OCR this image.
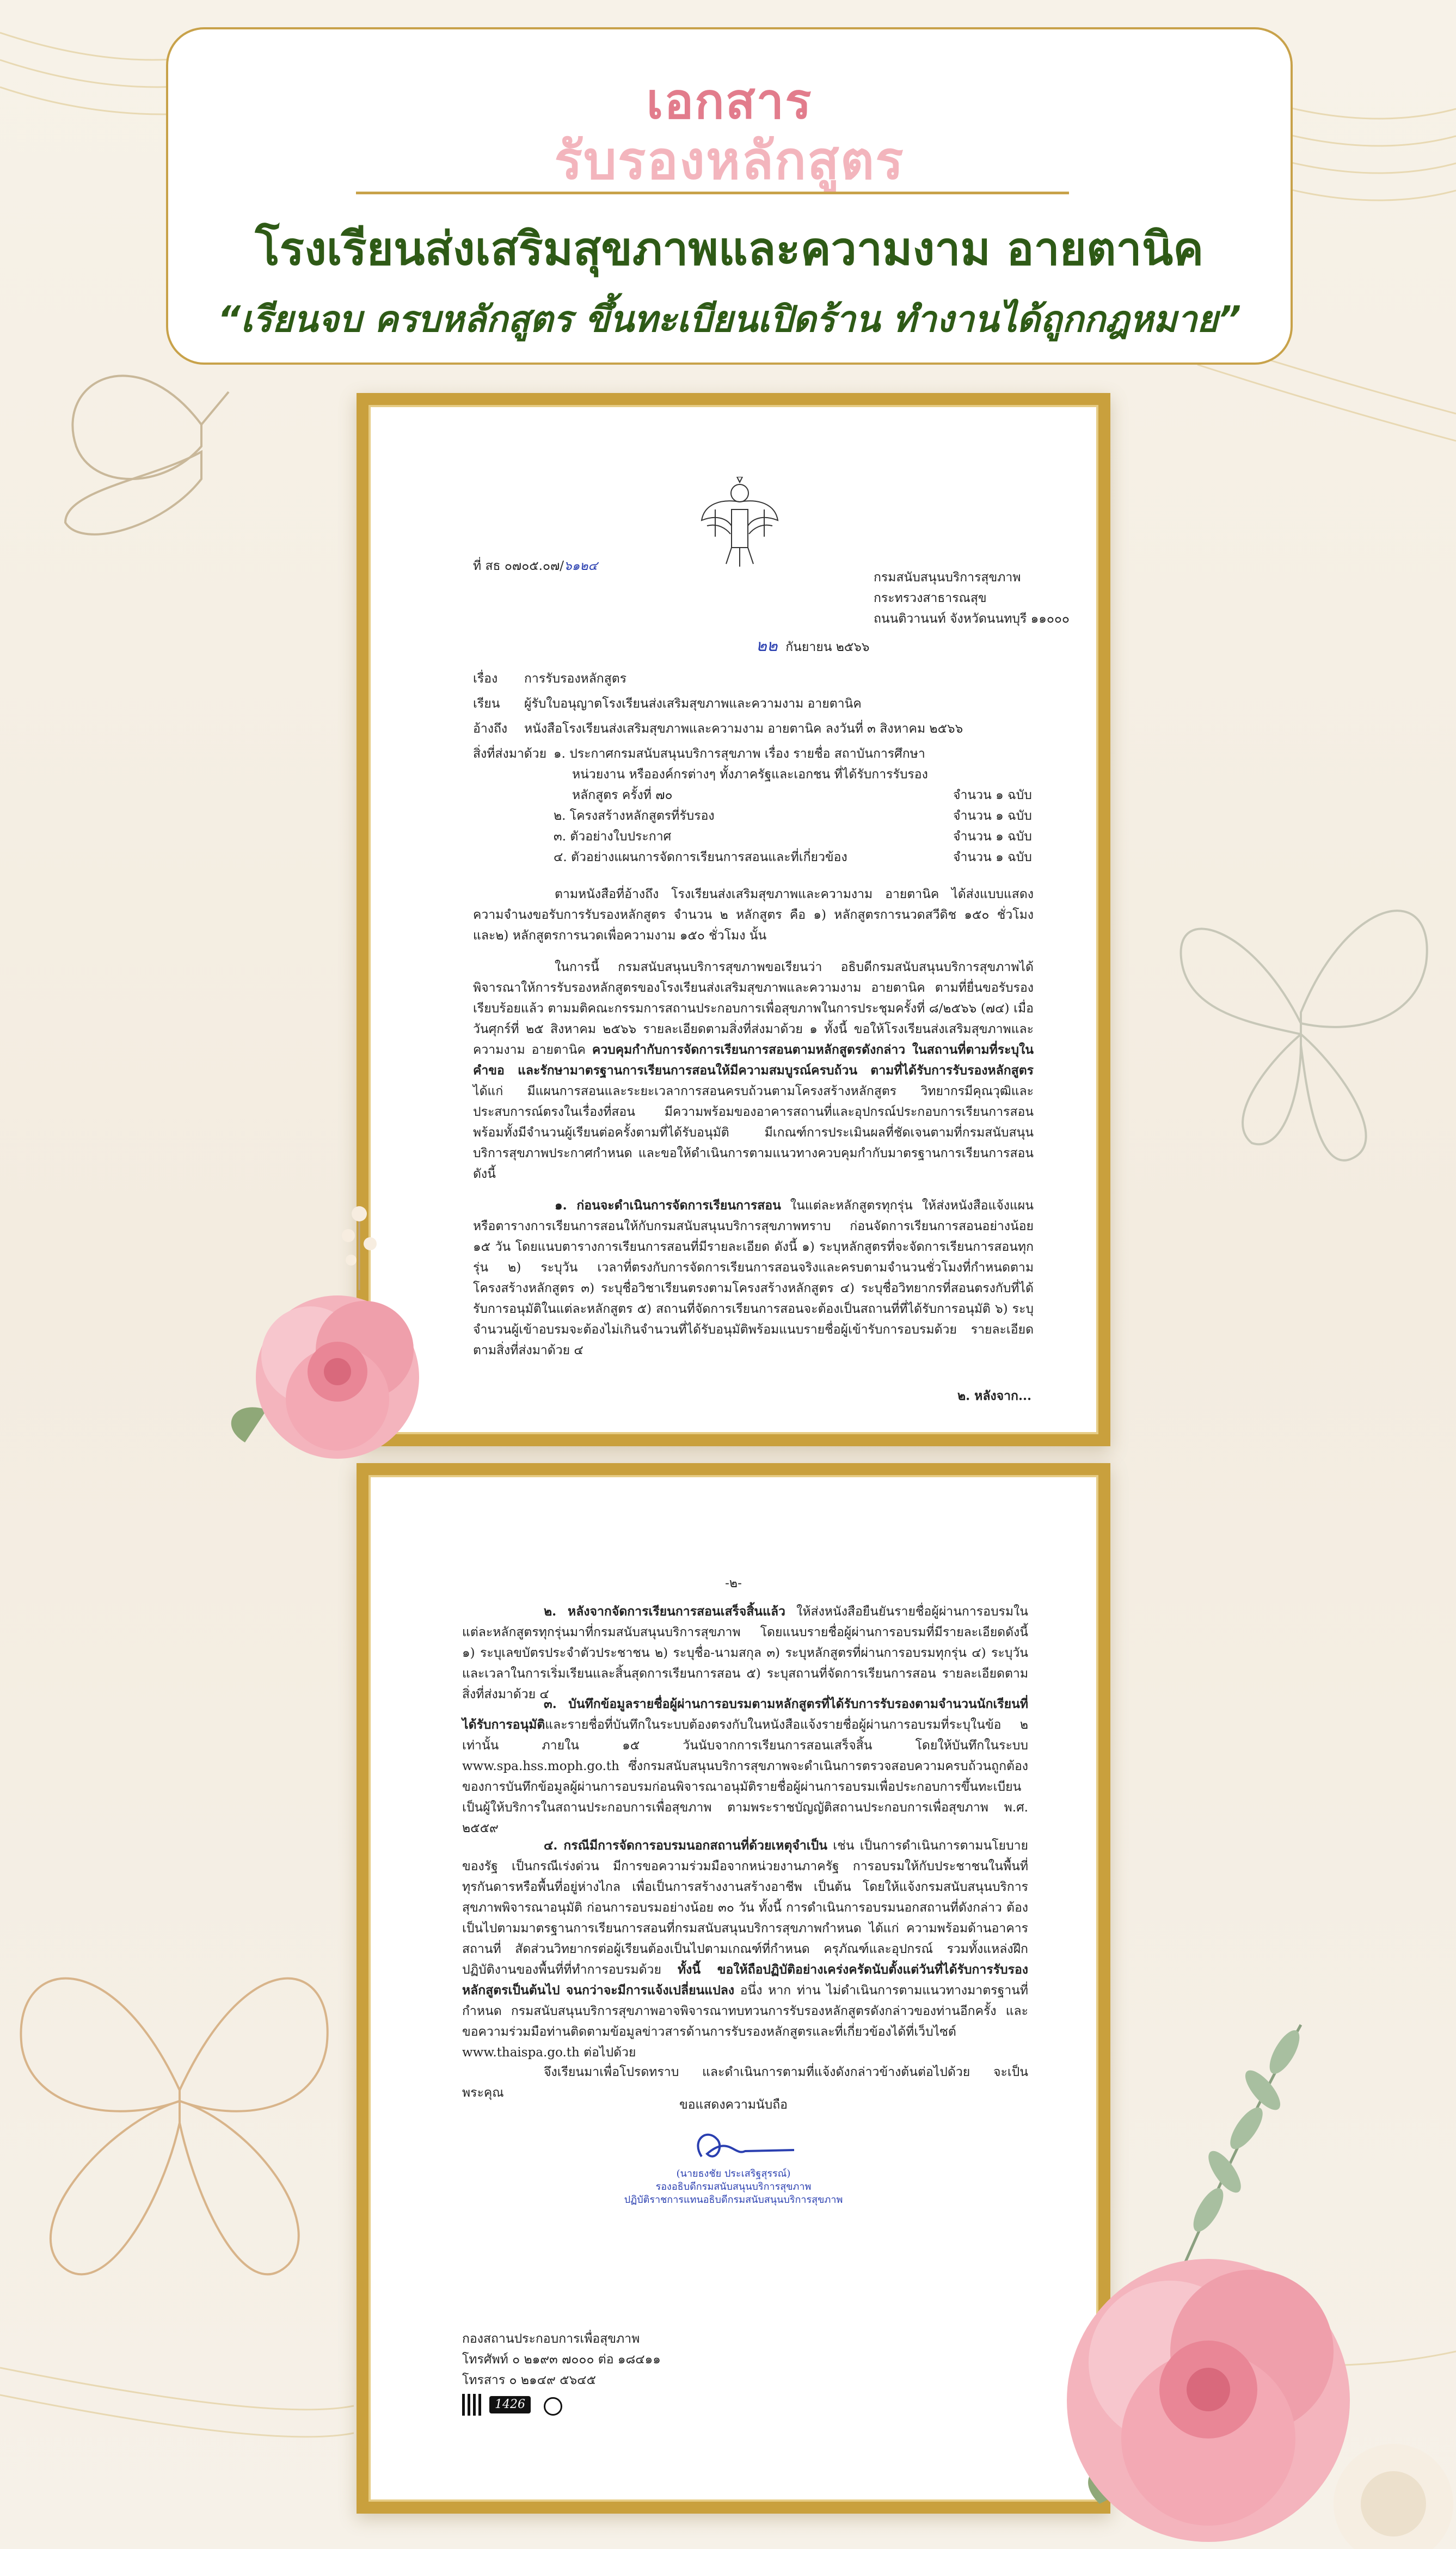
เอกสาร
รับรองหลักสูตร
โรงเรียนส่งเสริมสุขภาพและความงาม อายตานิค
“เรียนจบ ครบหลักสูตร ขึ้นทะเบียนเปิดร้าน ทำงานได้ถูกกฎหมาย”
ที่ สธ ๐๗๐๕.๐๗/๖๑๒๔
กรมสนับสนุนบริการสุขภาพ
กระทรวงสาธารณสุข
ถนนติวานนท์ จังหวัดนนทบุรี ๑๑๐๐๐
๒๒ กันยายน ๒๕๖๖
เรื่อง การรับรองหลักสูตร
เรียน ผู้รับใบอนุญาตโรงเรียนส่งเสริมสุขภาพและความงาม อายตานิค
อ้างถึง หนังสือโรงเรียนส่งเสริมสุขภาพและความงาม อายตานิค ลงวันที่ ๓ สิงหาคม ๒๕๖๖
สิ่งที่ส่งมาด้วย ๑. ประกาศกรมสนับสนุนบริการสุขภาพ เรื่อง รายชื่อ สถาบันการศึกษา
หน่วยงาน หรือองค์กรต่างๆ ทั้งภาครัฐและเอกชน ที่ได้รับการรับรอง
หลักสูตร ครั้งที่ ๗๐	จำนวน ๑ ฉบับ
๒. โครงสร้างหลักสูตรที่รับรอง	จำนวน ๑ ฉบับ
๓. ตัวอย่างใบประกาศ	จำนวน ๑ ฉบับ
๔. ตัวอย่างแผนการจัดการเรียนการสอนและที่เกี่ยวข้อง	จำนวน ๑ ฉบับ
ตามหนังสือที่อ้างถึง โรงเรียนส่งเสริมสุขภาพและความงาม อายตานิค ได้ส่งแบบแสดงความจำนงขอรับการรับรองหลักสูตร จำนวน ๒ หลักสูตร คือ ๑) หลักสูตรการนวดสวีดิช ๑๕๐ ชั่วโมง และ๒) หลักสูตรการนวดเพื่อความงาม ๑๕๐ ชั่วโมง นั้น
ในการนี้ กรมสนับสนุนบริการสุขภาพขอเรียนว่า อธิบดีกรมสนับสนุนบริการสุขภาพได้พิจารณาให้การรับรองหลักสูตรของโรงเรียนส่งเสริมสุขภาพและความงาม อายตานิค ตามที่ยื่นขอรับรองเรียบร้อยแล้ว ตามมติคณะกรรมการสถานประกอบการเพื่อสุขภาพในการประชุมครั้งที่ ๘/๒๕๖๖ (๗๔) เมื่อวันศุกร์ที่ ๒๕ สิงหาคม ๒๕๖๖ รายละเอียดตามสิ่งที่ส่งมาด้วย ๑ ทั้งนี้ ขอให้โรงเรียนส่งเสริมสุขภาพและความงาม อายตานิค ควบคุมกำกับการจัดการเรียนการสอนตามหลักสูตรดังกล่าว ในสถานที่ตามที่ระบุในคำขอ และรักษามาตรฐานการเรียนการสอนให้มีความสมบูรณ์ครบถ้วน ตามที่ได้รับการรับรองหลักสูตร ได้แก่ มีแผนการสอนและระยะเวลาการสอนครบถ้วนตามโครงสร้างหลักสูตร วิทยากรมีคุณวุฒิและประสบการณ์ตรงในเรื่องที่สอน มีความพร้อมของอาคารสถานที่และอุปกรณ์ประกอบการเรียนการสอนพร้อมทั้งมีจำนวนผู้เรียนต่อครั้งตามที่ได้รับอนุมัติ มีเกณฑ์การประเมินผลที่ชัดเจนตามที่กรมสนับสนุนบริการสุขภาพประกาศกำหนด และขอให้ดำเนินการตามแนวทางควบคุมกำกับมาตรฐานการเรียนการสอน ดังนี้
๑. ก่อนจะดำเนินการจัดการเรียนการสอน ในแต่ละหลักสูตรทุกรุ่น ให้ส่งหนังสือแจ้งแผนหรือตารางการเรียนการสอนให้กับกรมสนับสนุนบริการสุขภาพทราบ ก่อนจัดการเรียนการสอนอย่างน้อย ๑๕ วัน โดยแนบตารางการเรียนการสอนที่มีรายละเอียด ดังนี้ ๑) ระบุหลักสูตรที่จะจัดการเรียนการสอนทุกรุ่น ๒) ระบุวัน เวลาที่ตรงกับการจัดการเรียนการสอนจริงและครบตามจำนวนชั่วโมงที่กำหนดตามโครงสร้างหลักสูตร ๓) ระบุชื่อวิชาเรียนตรงตามโครงสร้างหลักสูตร ๔) ระบุชื่อวิทยากรที่สอนตรงกับที่ได้รับการอนุมัติในแต่ละหลักสูตร ๕) สถานที่จัดการเรียนการสอนจะต้องเป็นสถานที่ที่ได้รับการอนุมัติ ๖) ระบุจำนวนผู้เข้าอบรมจะต้องไม่เกินจำนวนที่ได้รับอนุมัติพร้อมแนบรายชื่อผู้เข้ารับการอบรมด้วย รายละเอียดตามสิ่งที่ส่งมาด้วย ๔
๒. หลังจาก...
-๒-
๒. หลังจากจัดการเรียนการสอนเสร็จสิ้นแล้ว ให้ส่งหนังสือยืนยันรายชื่อผู้ผ่านการอบรมในแต่ละหลักสูตรทุกรุ่นมาที่กรมสนับสนุนบริการสุขภาพ โดยแนบรายชื่อผู้ผ่านการอบรมที่มีรายละเอียดดังนี้ ๑) ระบุเลขบัตรประจำตัวประชาชน ๒) ระบุชื่อ-นามสกุล ๓) ระบุหลักสูตรที่ผ่านการอบรมทุกรุ่น ๔) ระบุวันและเวลาในการเริ่มเรียนและสิ้นสุดการเรียนการสอน ๕) ระบุสถานที่จัดการเรียนการสอน รายละเอียดตามสิ่งที่ส่งมาด้วย ๔
๓. บันทึกข้อมูลรายชื่อผู้ผ่านการอบรมตามหลักสูตรที่ได้รับการรับรองตามจำนวนนักเรียนที่ได้รับการอนุมัติและรายชื่อที่บันทึกในระบบต้องตรงกับในหนังสือแจ้งรายชื่อผู้ผ่านการอบรมที่ระบุในข้อ ๒ เท่านั้น ภายใน ๑๕ วันนับจากการเรียนการสอนเสร็จสิ้น โดยให้บันทึกในระบบ www.spa.hss.moph.go.th ซึ่งกรมสนับสนุนบริการสุขภาพจะดำเนินการตรวจสอบความครบถ้วนถูกต้องของการบันทึกข้อมูลผู้ผ่านการอบรมก่อนพิจารณาอนุมัติรายชื่อผู้ผ่านการอบรมเพื่อประกอบการขึ้นทะเบียนเป็นผู้ให้บริการในสถานประกอบการเพื่อสุขภาพ ตามพระราชบัญญัติสถานประกอบการเพื่อสุขภาพ พ.ศ. ๒๕๕๙
๔. กรณีมีการจัดการอบรมนอกสถานที่ด้วยเหตุจำเป็น เช่น เป็นการดำเนินการตามนโยบายของรัฐ เป็นกรณีเร่งด่วน มีการขอความร่วมมือจากหน่วยงานภาครัฐ การอบรมให้กับประชาชนในพื้นที่ทุรกันดารหรือพื้นที่อยู่ห่างไกล เพื่อเป็นการสร้างงานสร้างอาชีพ เป็นต้น โดยให้แจ้งกรมสนับสนุนบริการสุขภาพพิจารณาอนุมัติ ก่อนการอบรมอย่างน้อย ๓๐ วัน ทั้งนี้ การดำเนินการอบรมนอกสถานที่ดังกล่าว ต้องเป็นไปตามมาตรฐานการเรียนการสอนที่กรมสนับสนุนบริการสุขภาพกำหนด ได้แก่ ความพร้อมด้านอาคารสถานที่ สัดส่วนวิทยากรต่อผู้เรียนต้องเป็นไปตามเกณฑ์ที่กำหนด ครุภัณฑ์และอุปกรณ์ รวมทั้งแหล่งฝึกปฏิบัติงานของพื้นที่ที่ทำการอบรมด้วย ทั้งนี้ ขอให้ถือปฏิบัติอย่างเคร่งครัดนับตั้งแต่วันที่ได้รับการรับรองหลักสูตรเป็นต้นไป จนกว่าจะมีการแจ้งเปลี่ยนแปลง อนึ่ง หาก ท่าน ไม่ดำเนินการตามแนวทางมาตรฐานที่กำหนด กรมสนับสนุนบริการสุขภาพอาจพิจารณาทบทวนการรับรองหลักสูตรดังกล่าวของท่านอีกครั้ง และขอความร่วมมือท่านติดตามข้อมูลข่าวสารด้านการรับรองหลักสูตรและที่เกี่ยวข้องได้ที่เว็บไซต์ www.thaispa.go.th ต่อไปด้วย
จึงเรียนมาเพื่อโปรดทราบ และดำเนินการตามที่แจ้งดังกล่าวข้างต้นต่อไปด้วย จะเป็นพระคุณ
ขอแสดงความนับถือ
(นายธงชัย ประเสริฐสุรรณ์)
รองอธิบดีกรมสนับสนุนบริการสุขภาพ
ปฏิบัติราชการแทนอธิบดีกรมสนับสนุนบริการสุขภาพ
กองสถานประกอบการเพื่อสุขภาพ
โทรศัพท์ ๐ ๒๑๙๓ ๗๐๐๐ ต่อ ๑๘๔๑๑
โทรสาร ๐ ๒๑๔๙ ๕๖๔๕
1426
